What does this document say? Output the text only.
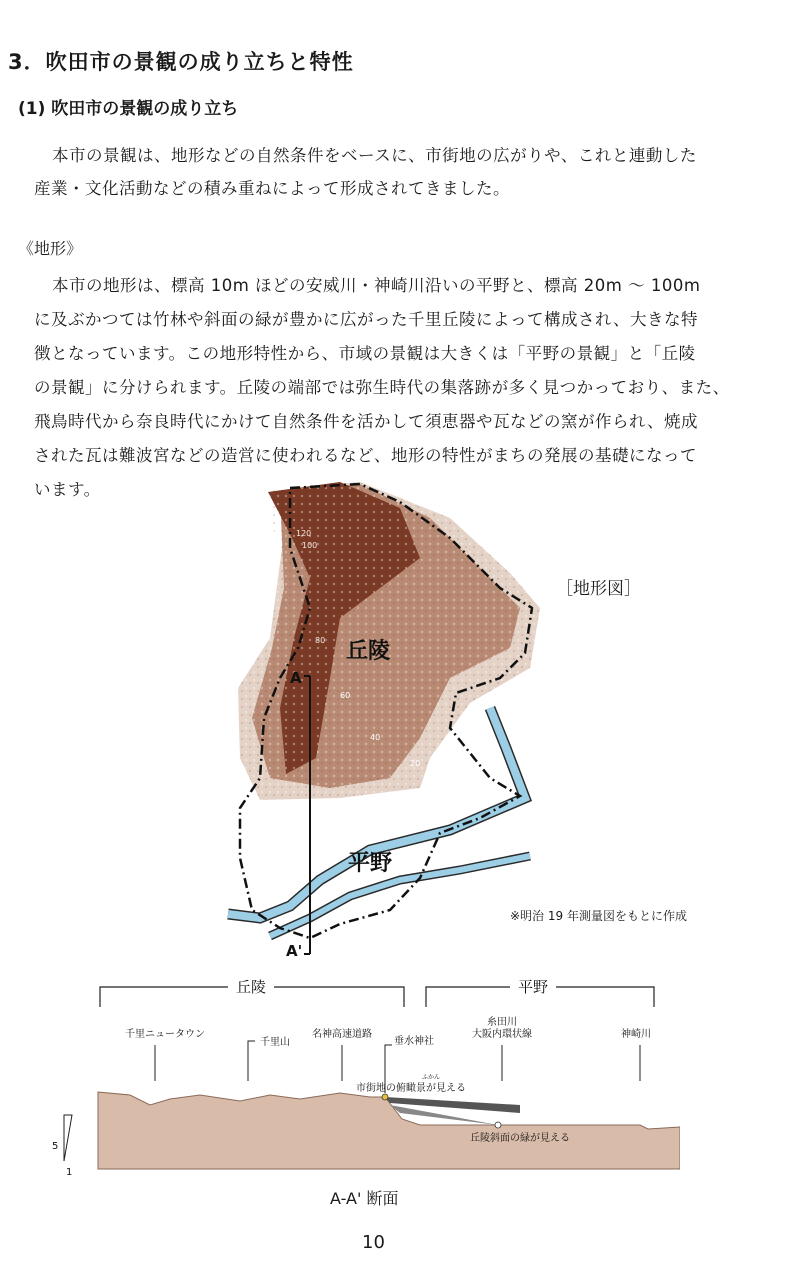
3．吹田市の景観の成り立ちと特性
(1) 吹田市の景観の成り立ち
本市の景観は、地形などの自然条件をベースに、市街地の広がりや、これと連動した
産業・文化活動などの積み重ねによって形成されてきました。
《地形》
本市の地形は、標高 10m ほどの安威川・神崎川沿いの平野と、標高 20m 〜 100m
に及ぶかつては竹林や斜面の緑が豊かに広がった千里丘陵によって構成され、大きな特
徴となっています。この地形特性から、市域の景観は大きくは「平野の景観」と「丘陵
の景観」に分けられます。丘陵の端部では弥生時代の集落跡が多く見つかっており、また、
飛鳥時代から奈良時代にかけて自然条件を活かして須恵器や瓦などの窯が作られ、焼成
された瓦は難波宮などの造営に使われるなど、地形の特性がまちの発展の基礎になって
います。
120
100
80
60
40
20
A
A'
丘陵
平野
［地形図］
※明治 19 年測量図をもとに作成
丘陵	平野
千里ニュータウン
千里山
名神高速道路
垂水神社
糸田川
大阪内環状線	神崎川
ふかん
市街地の俯瞰景が見える
丘陵斜面の緑が見える
5
1
A-A' 断面
10
